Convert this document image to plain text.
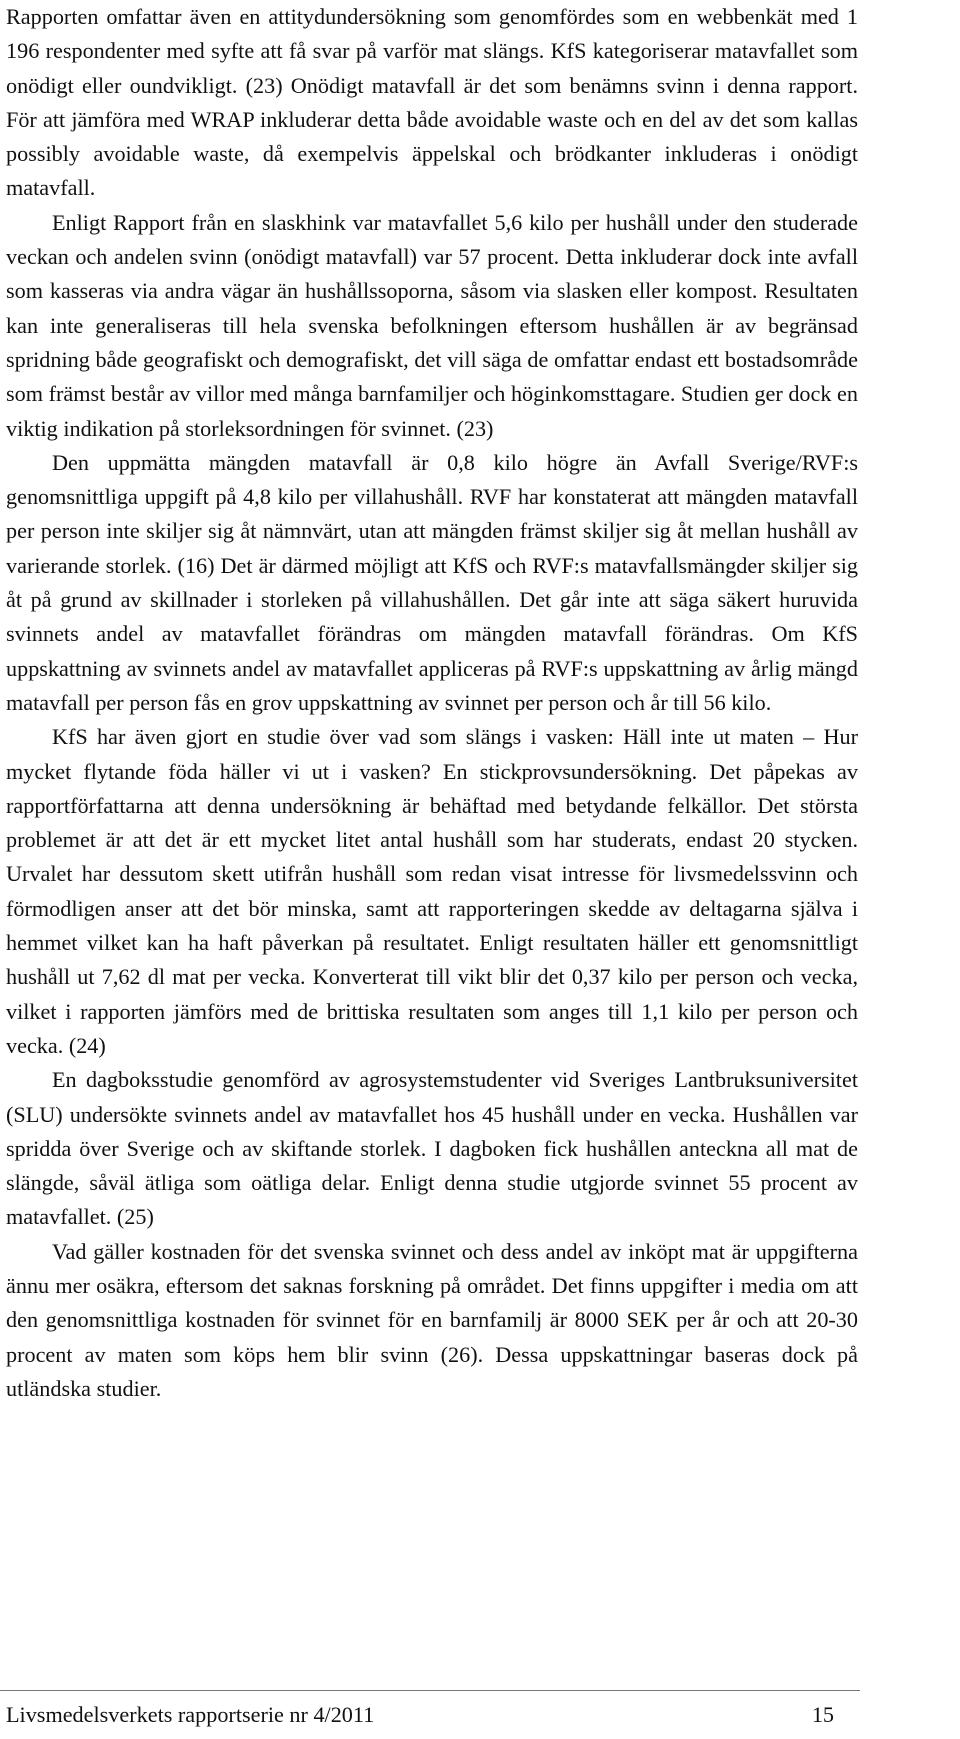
Rapporten omfattar även en attitydundersökning som genomfördes som en webbenkät med 1 196 respondenter med syfte att få svar på varför mat slängs. KfS kategoriserar matavfallet som onödigt eller oundvikligt. (23) Onödigt matavfall är det som benämns svinn i denna rapport. För att jämföra med WRAP inkluderar detta både avoidable waste och en del av det som kallas possibly avoidable waste, då exempelvis äppelskal och brödkanter inkluderas i onödigt matavfall.

Enligt Rapport från en slaskhink var matavfallet 5,6 kilo per hushåll under den studerade veckan och andelen svinn (onödigt matavfall) var 57 procent. Detta inkluderar dock inte avfall som kasseras via andra vägar än hushållssoporna, såsom via slasken eller kompost. Resultaten kan inte generaliseras till hela svenska befolkningen eftersom hushållen är av begränsad spridning både geografiskt och demografiskt, det vill säga de omfattar endast ett bostadsområde som främst består av villor med många barnfamiljer och höginkomsttagare. Studien ger dock en viktig indikation på storleksordningen för svinnet. (23)

Den uppmätta mängden matavfall är 0,8 kilo högre än Avfall Sverige/RVF:s genomsnittliga uppgift på 4,8 kilo per villahushåll. RVF har konstaterat att mängden matavfall per person inte skiljer sig åt nämnvärt, utan att mängden främst skiljer sig åt mellan hushåll av varierande storlek. (16) Det är därmed möjligt att KfS och RVF:s matavfallsmängder skiljer sig åt på grund av skillnader i storleken på villahushållen. Det går inte att säga säkert huruvida svinnets andel av matavfallet förändras om mängden matavfall förändras. Om KfS uppskattning av svinnets andel av matavfallet appliceras på RVF:s uppskattning av årlig mängd matavfall per person fås en grov uppskattning av svinnet per person och år till 56 kilo.

KfS har även gjort en studie över vad som slängs i vasken: Häll inte ut maten – Hur mycket flytande föda häller vi ut i vasken? En stickprovsundersökning. Det påpekas av rapportförfattarna att denna undersökning är behäftad med betydande felkällor. Det största problemet är att det är ett mycket litet antal hushåll som har studerats, endast 20 stycken. Urvalet har dessutom skett utifrån hushåll som redan visat intresse för livsmedelssvinn och förmodligen anser att det bör minska, samt att rapporteringen skedde av deltagarna själva i hemmet vilket kan ha haft påverkan på resultatet. Enligt resultaten häller ett genomsnittligt hushåll ut 7,62 dl mat per vecka. Konverterat till vikt blir det 0,37 kilo per person och vecka, vilket i rapporten jämförs med de brittiska resultaten som anges till 1,1 kilo per person och vecka. (24)

En dagboksstudie genomförd av agrosystemstudenter vid Sveriges Lantbruksuniversitet (SLU) undersökte svinnets andel av matavfallet hos 45 hushåll under en vecka. Hushållen var spridda över Sverige och av skiftande storlek. I dagboken fick hushållen anteckna all mat de slängde, såväl ätliga som oätliga delar. Enligt denna studie utgjorde svinnet 55 procent av matavfallet. (25)

Vad gäller kostnaden för det svenska svinnet och dess andel av inköpt mat är uppgifterna ännu mer osäkra, eftersom det saknas forskning på området. Det finns uppgifter i media om att den genomsnittliga kostnaden för svinnet för en barnfamilj är 8000 SEK per år och att 20-30 procent av maten som köps hem blir svinn (26). Dessa uppskattningar baseras dock på utländska studier.

Livsmedelsverkets rapportserie nr 4/2011	15
